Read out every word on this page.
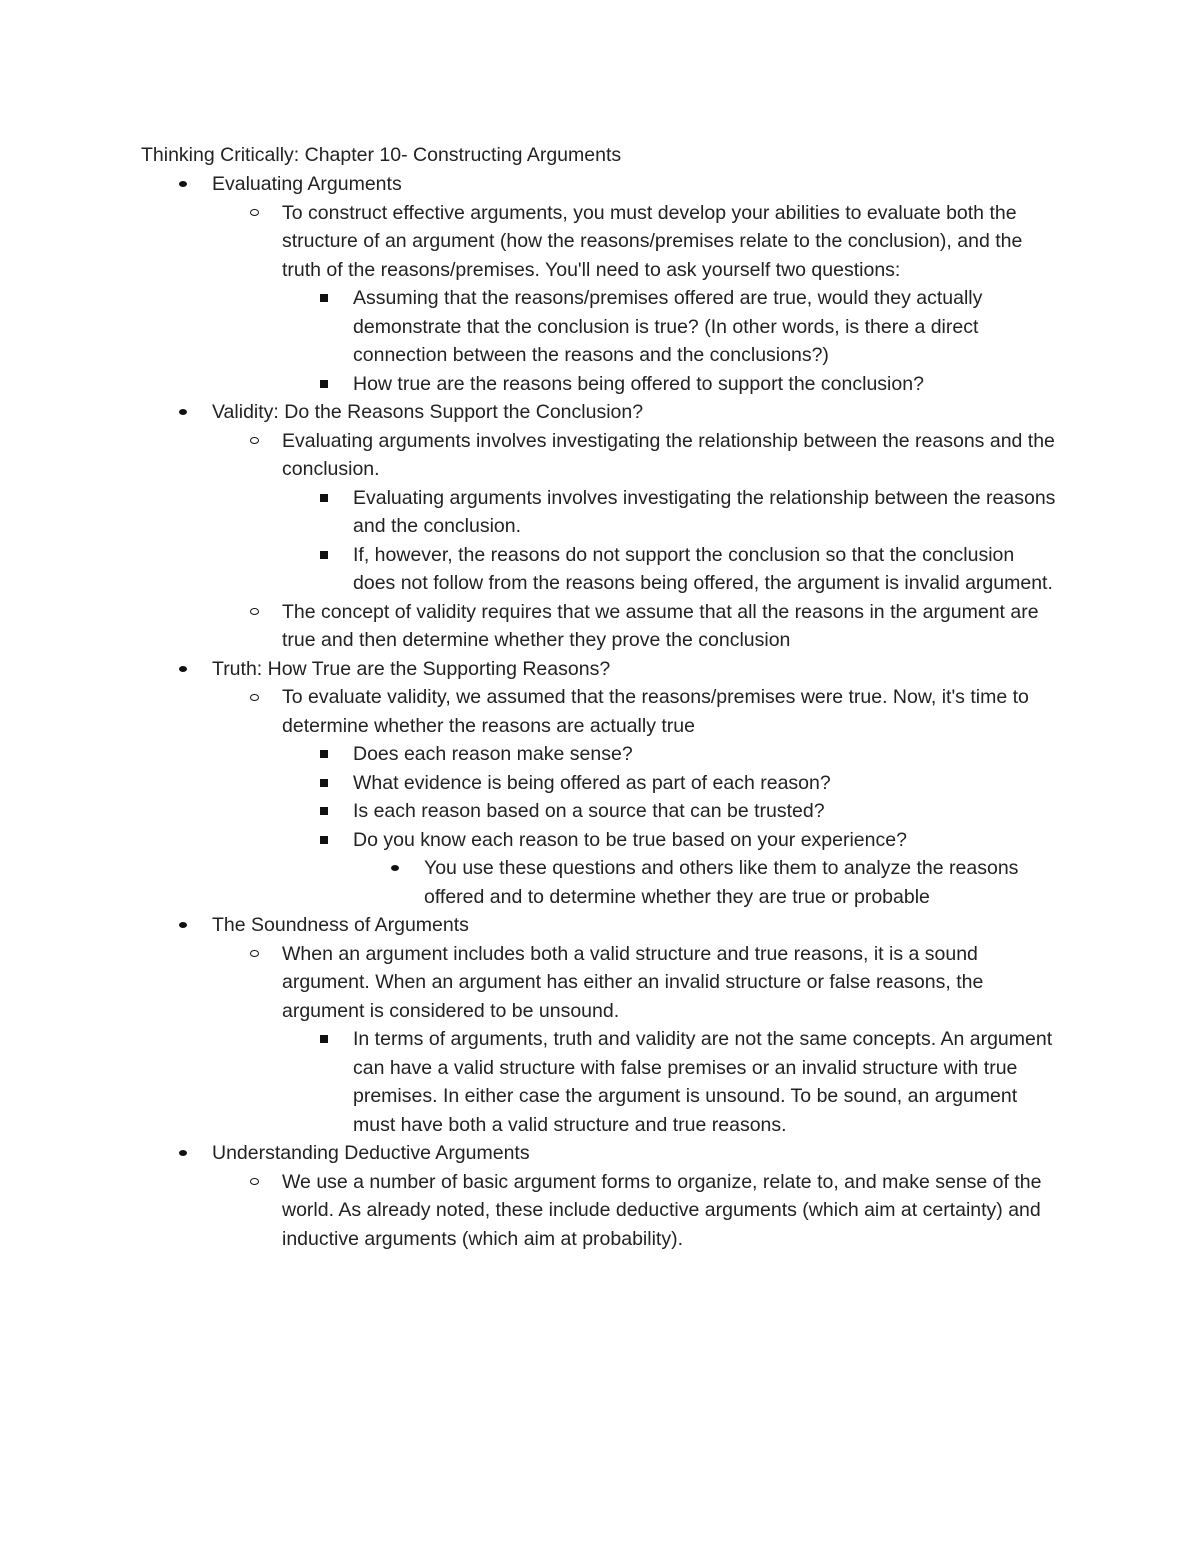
Thinking Critically: Chapter 10- Constructing Arguments
Evaluating Arguments
To construct effective arguments, you must develop your abilities to evaluate both the structure of an argument (how the reasons/premises relate to the conclusion), and the truth of the reasons/premises. You'll need to ask yourself two questions:
Assuming that the reasons/premises offered are true, would they actually demonstrate that the conclusion is true? (In other words, is there a direct connection between the reasons and the conclusions?)
How true are the reasons being offered to support the conclusion?
Validity: Do the Reasons Support the Conclusion?
Evaluating arguments involves investigating the relationship between the reasons and the conclusion.
Evaluating arguments involves investigating the relationship between the reasons and the conclusion.
If, however, the reasons do not support the conclusion so that the conclusion does not follow from the reasons being offered, the argument is invalid argument.
The concept of validity requires that we assume that all the reasons in the argument are true and then determine whether they prove the conclusion
Truth: How True are the Supporting Reasons?
To evaluate validity, we assumed that the reasons/premises were true. Now, it's time to determine whether the reasons are actually true
Does each reason make sense?
What evidence is being offered as part of each reason?
Is each reason based on a source that can be trusted?
Do you know each reason to be true based on your experience?
You use these questions and others like them to analyze the reasons offered and to determine whether they are true or probable
The Soundness of Arguments
When an argument includes both a valid structure and true reasons, it is a sound argument. When an argument has either an invalid structure or false reasons, the argument is considered to be unsound.
In terms of arguments, truth and validity are not the same concepts. An argument can have a valid structure with false premises or an invalid structure with true premises. In either case the argument is unsound. To be sound, an argument must have both a valid structure and true reasons.
Understanding Deductive Arguments
We use a number of basic argument forms to organize, relate to, and make sense of the world. As already noted, these include deductive arguments (which aim at certainty) and inductive arguments (which aim at probability).
